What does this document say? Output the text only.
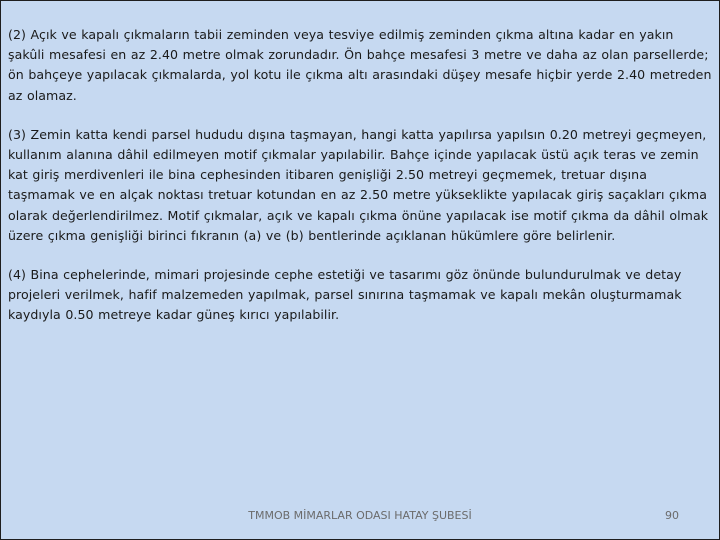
(2) Açık ve kapalı çıkmaların tabii zeminden veya tesviye edilmiş zeminden çıkma altına kadar en yakın şakûli mesafesi en az 2.40 metre olmak zorundadır. Ön bahçe mesafesi 3 metre ve daha az olan parsellerde; ön bahçeye yapılacak çıkmalarda, yol kotu ile çıkma altı arasındaki düşey mesafe hiçbir yerde 2.40 metreden az olamaz.

(3) Zemin katta kendi parsel hududu dışına taşmayan, hangi katta yapılırsa yapılsın 0.20 metreyi geçmeyen, kullanım alanına dâhil edilmeyen motif çıkmalar yapılabilir. Bahçe içinde yapılacak üstü açık teras ve zemin kat giriş merdivenleri ile bina cephesinden itibaren genişliği 2.50 metreyi geçmemek, tretuar dışına taşmamak ve en alçak noktası tretuar kotundan en az 2.50 metre yükseklikte yapılacak giriş saçakları çıkma olarak değerlendirilmez. Motif çıkmalar, açık ve kapalı çıkma önüne yapılacak ise motif çıkma da dâhil olmak üzere çıkma genişliği birinci fıkranın (a) ve (b) bentlerinde açıklanan hükümlere göre belirlenir.

(4) Bina cephelerinde, mimari projesinde cephe estetiği ve tasarımı göz önünde bulundurulmak ve detay projeleri verilmek, hafif malzemeden yapılmak, parsel sınırına taşmamak ve kapalı mekân oluşturmamak kaydıyla 0.50 metreye kadar güneş kırıcı yapılabilir.

TMMOB MİMARLAR ODASI HATAY ŞUBESİ	90
